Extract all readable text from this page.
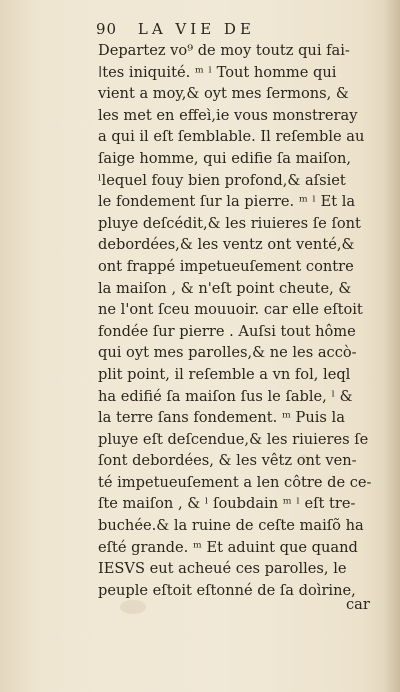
90 LA VIE DE
Departez vo⁹ de moy toutz qui fai-
ǀtes iniquité. ᵐ ˡ Tout homme qui
vient a moy,& oyt mes ſermons, &
les met en effeı̀,ie vous monstreray
a qui il eſt ſemblable. Il reſemble au
ſaige homme, qui edifie ſa maiſon,
ˡlequel fouy bien profond,& aſsiet
le fondement ſur la pierre. ᵐ ˡ Et la
pluye deſcédit,& les riuieres ſe ſont
debordées,& les ventz ont venté,&
ont frappé impetueuſement contre
la maiſon , & n'eſt point cheute, &
ne l'ont ſceu mouuoir. car elle eſtoit
fondée ſur pierre . Auſsi tout hôme
qui oyt mes parolles,& ne les accò-
plit point, il reſemble a vn fol, leql
ha edifié ſa maiſon ſus le ſable, ˡ &
la terre ſans fondement. ᵐ Puis la
pluye eſt deſcendue,& les riuieres ſe
ſont debordées, & les vêtz ont ven-
té impetueuſement a len côtre de ce-
ſte maiſon , & ˡ ſoubdain ᵐ ˡ eſt tre-
buchée.& la ruine de ceſte maiſõ ha
eſté grande. ᵐ Et aduint que quand
IESVS eut acheué ces parolles, le
peuple eſtoit eſtonné de ſa doı̀rine,
car
